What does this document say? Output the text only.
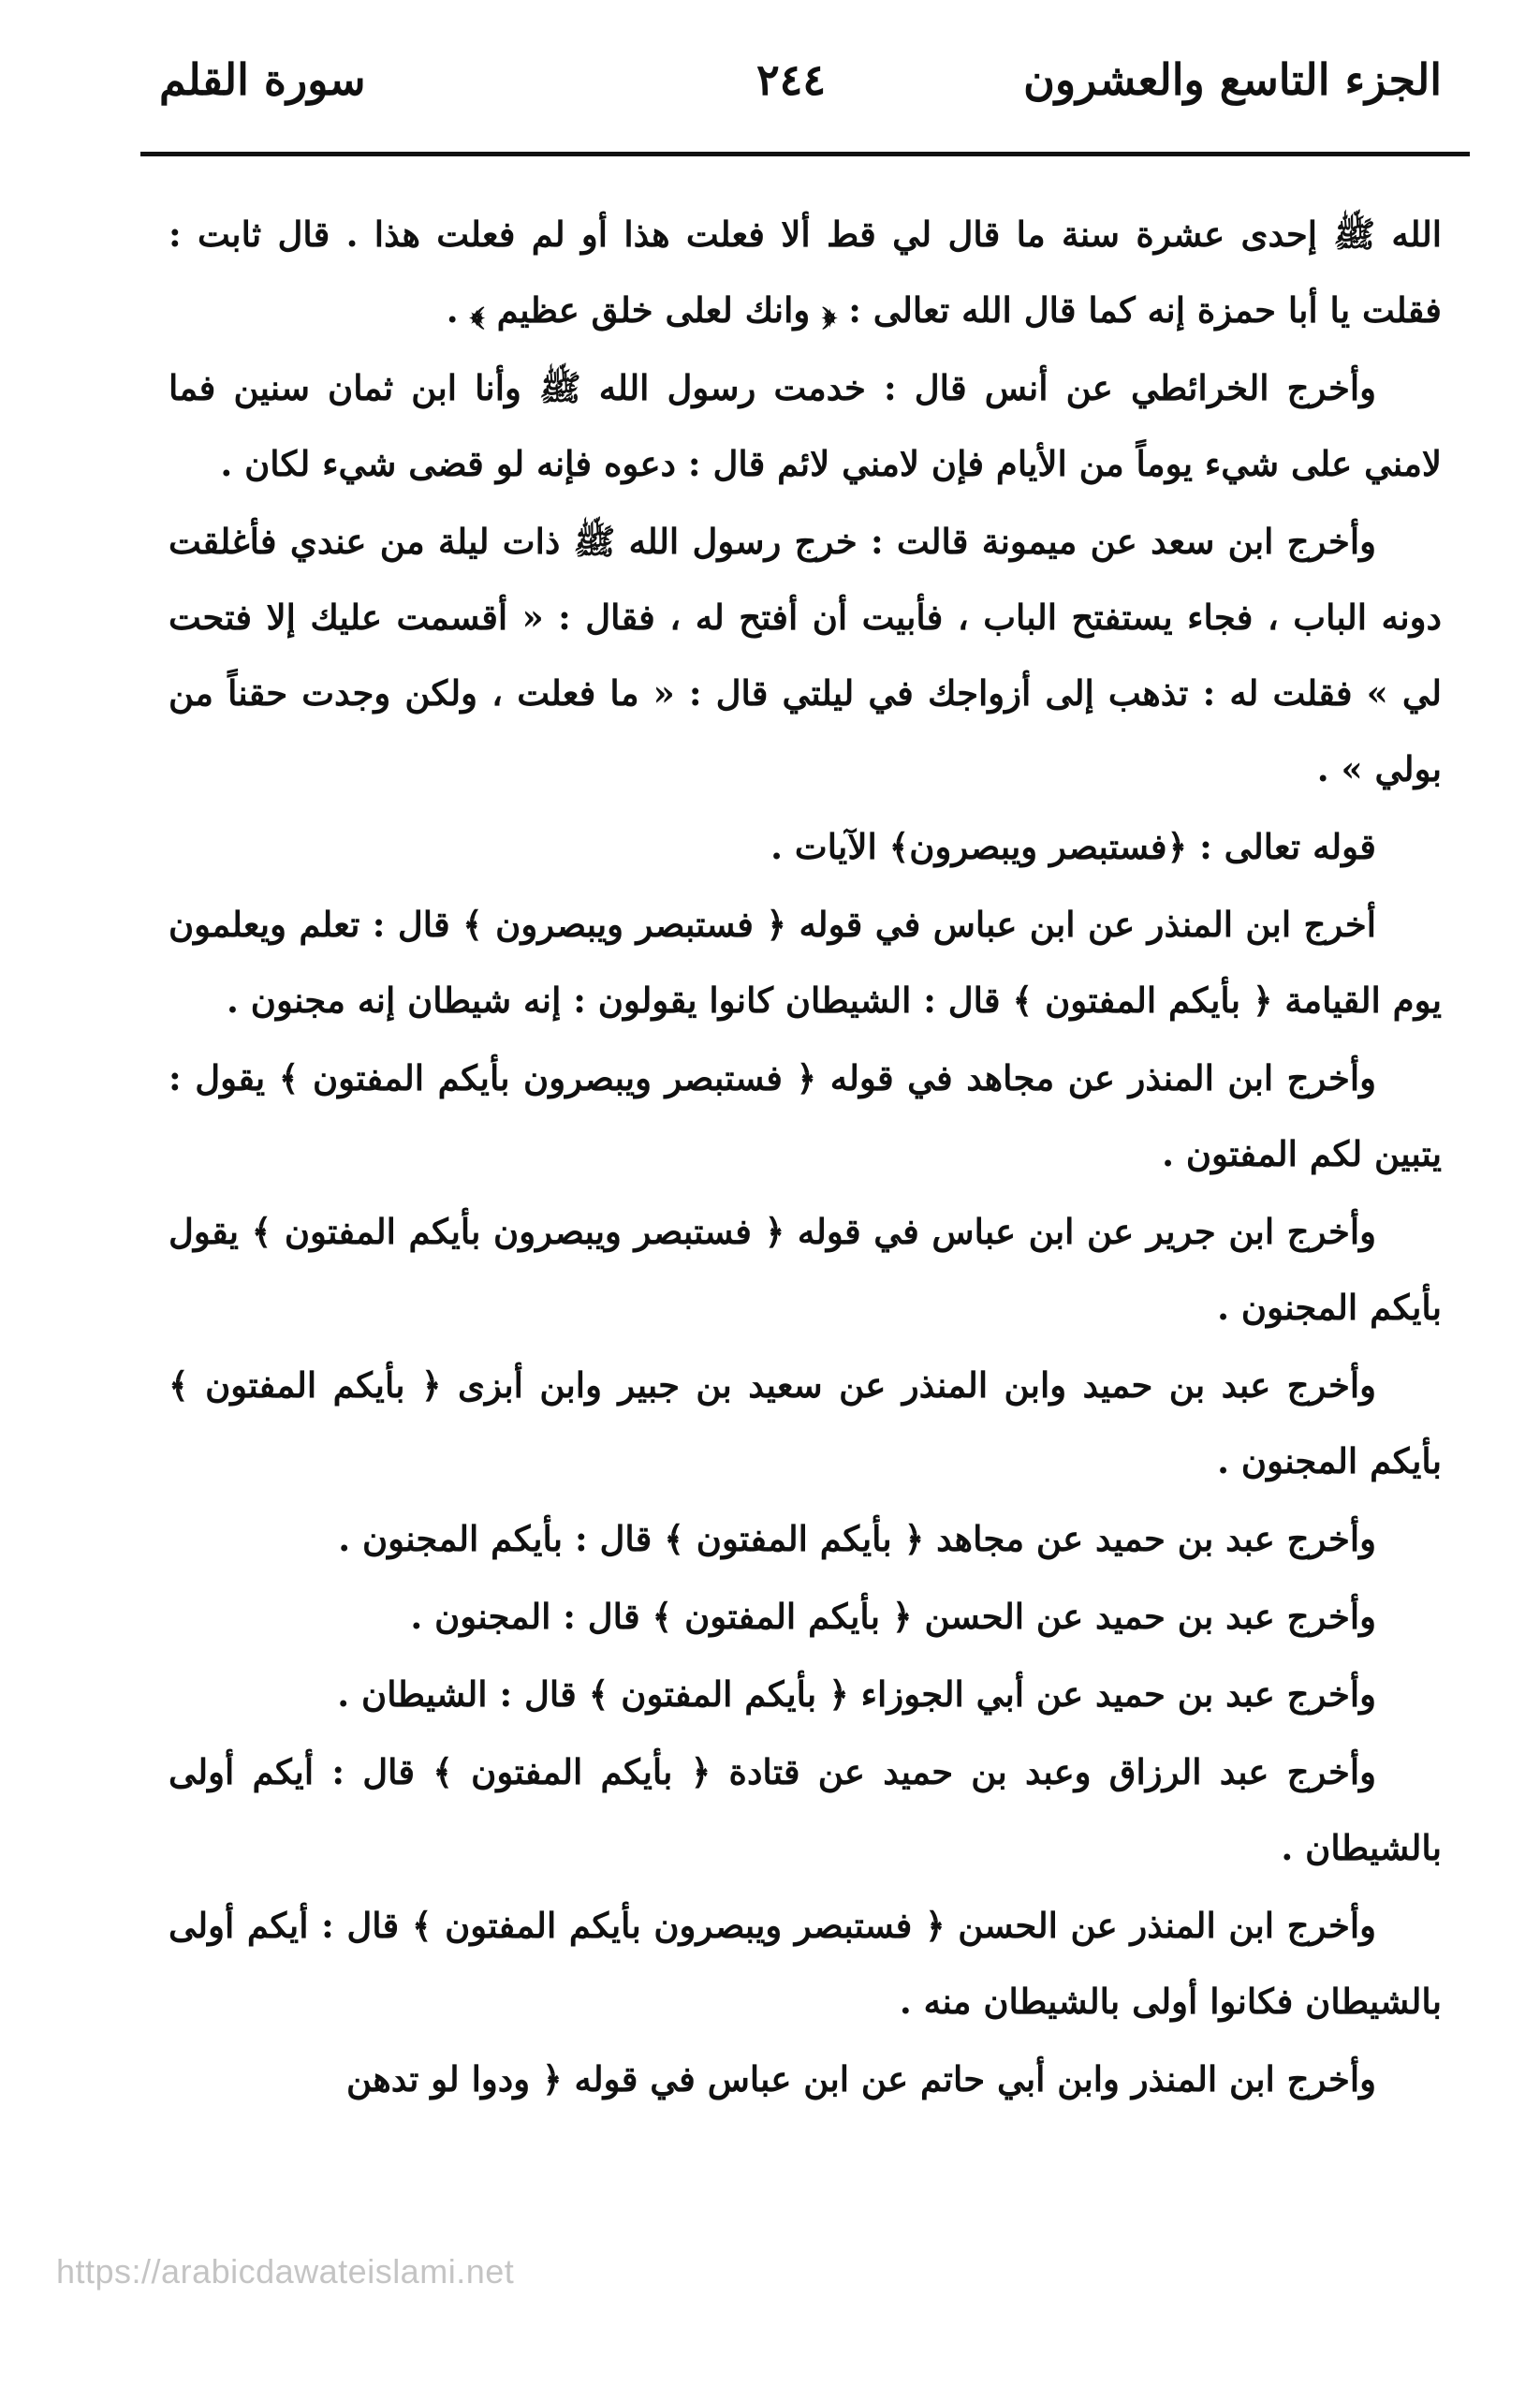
الجزء التاسع والعشرون
٢٤٤
سورة القلم

الله ﷺ إحدى عشرة سنة ما قال لي قط ألا فعلت هذا أو لم فعلت هذا . قال ثابت : فقلت يا أبا حمزة إنه كما قال الله تعالى : ﴿ وانك لعلى خلق عظيم ﴾ .

وأخرج الخرائطي عن أنس قال : خدمت رسول الله ﷺ وأنا ابن ثمان سنين فما لامني على شيء يوماً من الأيام فإن لامني لائم قال : دعوه فإنه لو قضى شيء لكان .

وأخرج ابن سعد عن ميمونة قالت : خرج رسول الله ﷺ ذات ليلة من عندي فأغلقت دونه الباب ، فجاء يستفتح الباب ، فأبيت أن أفتح له ، فقال : « أقسمت عليك إلا فتحت لي » فقلت له : تذهب إلى أزواجك في ليلتي قال : « ما فعلت ، ولكن وجدت حقناً من بولي » .

قوله تعالى : ﴿فستبصر ويبصرون﴾ الآيات .

أخرج ابن المنذر عن ابن عباس في قوله ﴿ فستبصر ويبصرون ﴾ قال : تعلم ويعلمون يوم القيامة ﴿ بأيكم المفتون ﴾ قال : الشيطان كانوا يقولون : إنه شيطان إنه مجنون .

وأخرج ابن المنذر عن مجاهد في قوله ﴿ فستبصر ويبصرون بأيكم المفتون ﴾ يقول : يتبين لكم المفتون .

وأخرج ابن جرير عن ابن عباس في قوله ﴿ فستبصر ويبصرون بأيكم المفتون ﴾ يقول بأيكم المجنون .

وأخرج عبد بن حميد وابن المنذر عن سعيد بن جبير وابن أبزى ﴿ بأيكم المفتون ﴾ بأيكم المجنون .

وأخرج عبد بن حميد عن مجاهد ﴿ بأيكم المفتون ﴾ قال : بأيكم المجنون .

وأخرج عبد بن حميد عن الحسن ﴿ بأيكم المفتون ﴾ قال : المجنون .

وأخرج عبد بن حميد عن أبي الجوزاء ﴿ بأيكم المفتون ﴾ قال : الشيطان .

وأخرج عبد الرزاق وعبد بن حميد عن قتادة ﴿ بأيكم المفتون ﴾ قال : أيكم أولى بالشيطان .

وأخرج ابن المنذر عن الحسن ﴿ فستبصر ويبصرون بأيكم المفتون ﴾ قال : أيكم أولى بالشيطان فكانوا أولى بالشيطان منه .

وأخرج ابن المنذر وابن أبي حاتم عن ابن عباس في قوله ﴿ ودوا لو تدهن

https://arabicdawateislami.net
